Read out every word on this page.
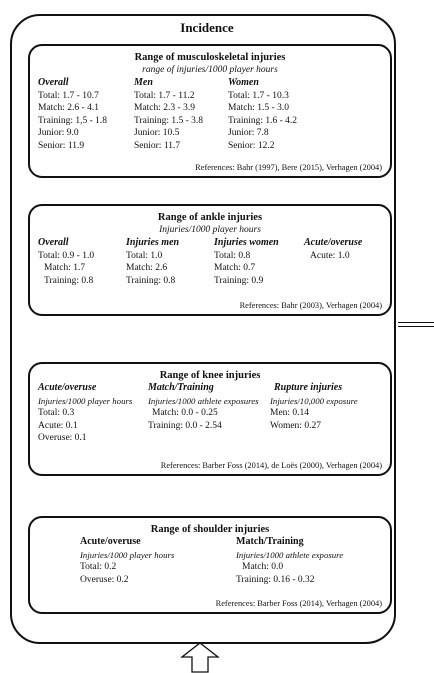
Incidence
Range of musculoskeletal injuries
range of injuries/1000 player hours
Overall
Total: 1.7 - 10.7
Match: 2.6 - 4.1
Training: 1,5 - 1.8
Junior: 9.0
Senior: 11.9
Men
Total: 1.7 - 11.2
Match: 2.3 - 3.9
Training: 1.5 - 3.8
Junior: 10.5
Senior: 11.7
Women
Total: 1.7 - 10.3
Match: 1.5 - 3.0
Training: 1.6 - 4.2
Junior: 7.8
Senior: 12.2
References: Bahr (1997), Bere (2015), Verhagen (2004)
Range of ankle injuries
Injuries/1000 player hours
Overall
Total: 0.9 - 1.0
Match: 1.7
Training: 0.8
Injuries men
Total: 1.0
Match: 2.6
Training: 0.8
Injuries women
Total: 0.8
Match: 0.7
Training: 0.9
Acute/overuse
Acute: 1.0
References: Bahr (2003), Verhagen (2004)
Range of knee injuries
Acute/overuse
Injuries/1000 player hours
Total: 0.3
Acute: 0.1
Overuse: 0.1
Match/Training
Injuries/1000 athlete exposures
Match: 0.0 - 0.25
Training: 0.0 - 2.54
Rupture injuries
Injuries/10,000 exposure
Men: 0.14
Women: 0.27
References: Barber Foss (2014), de Loës (2000), Verhagen (2004)
Range of shoulder injuries
Acute/overuse
Injuries/1000 player hours
Total: 0.2
Overuse: 0.2
Match/Training
Injuries/1000 athlete exposure
Match: 0.0
Training: 0.16 - 0.32
References: Barber Foss (2014), Verhagen (2004)
